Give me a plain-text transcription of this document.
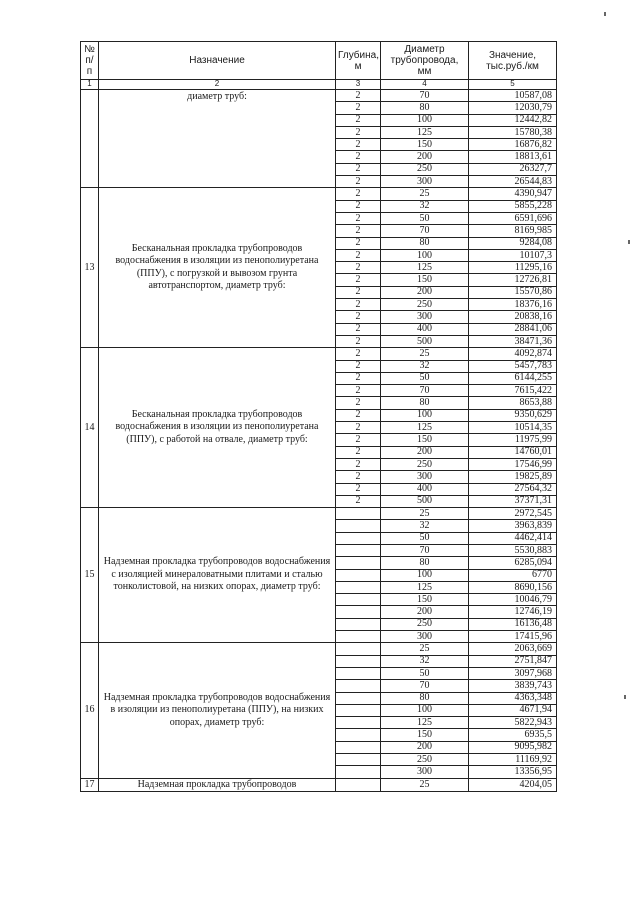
№ п/п	Назначение	Глубина, м	Диаметр трубопровода, мм	Значение, тыс.руб./км
1	2	3	4	5
	диаметр труб:	2	70	10587,08
		2	80	12030,79
		2	100	12442,82
		2	125	15780,38
		2	150	16876,82
		2	200	18813,61
		2	250	26327,7
		2	300	26544,83
13	Бесканальная прокладка трубопроводов водоснабжения в изоляции из пенополиуретана (ППУ), с погрузкой и вывозом грунта автотранспортом, диаметр труб:	2	25	4390,947
		2	32	5855,228
		2	50	6591,696
		2	70	8169,985
		2	80	9284,08
		2	100	10107,3
		2	125	11295,16
		2	150	12726,81
		2	200	15570,86
		2	250	18376,16
		2	300	20838,16
		2	400	28841,06
		2	500	38471,36
14	Бесканальная прокладка трубопроводов водоснабжения в изоляции из пенополиуретана (ППУ), с работой на отвале, диаметр труб:	2	25	4092,874
		2	32	5457,783
		2	50	6144,255
		2	70	7615,422
		2	80	8653,88
		2	100	9350,629
		2	125	10514,35
		2	150	11975,99
		2	200	14760,01
		2	250	17546,99
		2	300	19825,89
		2	400	27564,32
		2	500	37371,31
15	Надземная прокладка трубопроводов водоснабжения с изоляцией минераловатными плитами и сталью тонколистовой, на низких опорах, диаметр труб:		25	2972,545
			32	3963,839
			50	4462,414
			70	5530,883
			80	6285,094
			100	6770
			125	8690,156
			150	10046,79
			200	12746,19
			250	16136,48
			300	17415,96
16	Надземная прокладка трубопроводов водоснабжения в изоляции из пенополиуретана (ППУ), на низких опорах, диаметр труб:		25	2063,669
			32	2751,847
			50	3097,968
			70	3839,743
			80	4363,348
			100	4671,94
			125	5822,943
			150	6935,5
			200	9095,982
			250	11169,92
			300	13356,95
17	Надземная прокладка трубопроводов		25	4204,05
